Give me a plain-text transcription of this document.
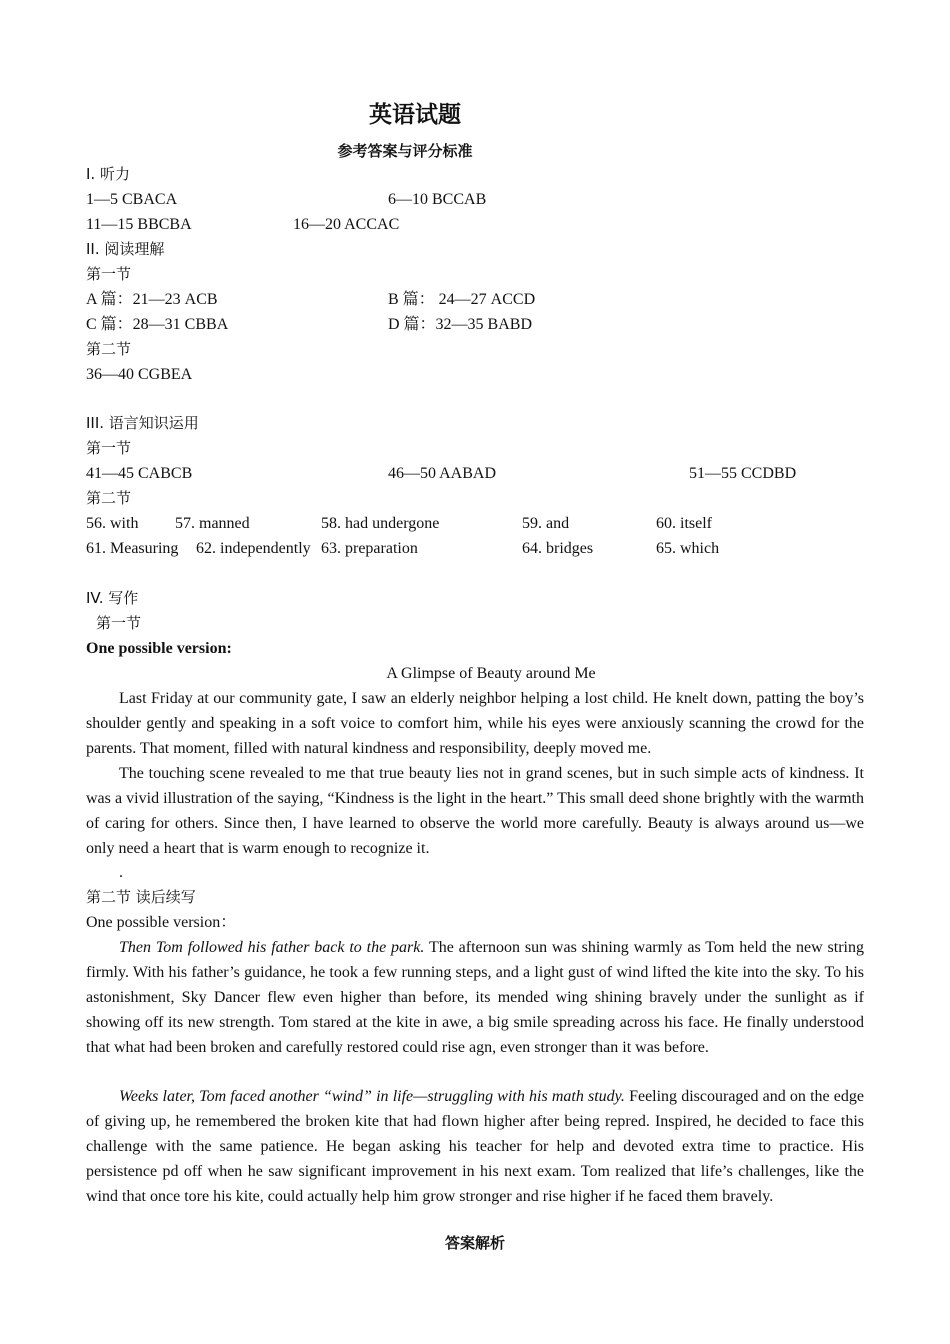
英语试题
参考答案与评分标准
I. 听力
1—5 CBACA	6—10 BCCAB
11—15 BBCBA	16—20 ACCAC
II. 阅读理解
第一节
A 篇：21—23 ACB	B 篇： 24—27 ACCD
C 篇：28—31 CBBA	D 篇：32—35 BABD
第二节
36—40 CGBEA
III. 语言知识运用
第一节
41—45 CABCB	46—50 AABAD	51—55 CCDBD
第二节
56. with 57. manned	58. had undergone	59. and	60. itself
61. Measuring 62. independently 63. preparation	64. bridges	65. which
IV. 写作
第一节
One possible version:
A Glimpse of Beauty around Me
Last Friday at our community gate, I saw an elderly neighbor helping a lost child. He knelt down, patting the boy’s shoulder gently and speaking in a soft voice to comfort him, while his eyes were anxiously scanning the crowd for the parents. That moment, filled with natural kindness and responsibility, deeply moved me.
The touching scene revealed to me that true beauty lies not in grand scenes, but in such simple acts of kindness. It was a vivid illustration of the saying, “Kindness is the light in the heart.” This small deed shone brightly with the warmth of caring for others. Since then, I have learned to observe the world more carefully. Beauty is always around us—we only need a heart that is warm enough to recognize it.
.
第二节 读后续写
One possible version：
Then Tom followed his father back to the park. The afternoon sun was shining warmly as Tom held the new string firmly. With his father’s guidance, he took a few running steps, and a light gust of wind lifted the kite into the sky. To his astonishment, Sky Dancer flew even higher than before, its mended wing shining bravely under the sunlight as if showing off its new strength. Tom stared at the kite in awe, a big smile spreading across his face. He finally understood that what had been broken and carefully restored could rise agn, even stronger than it was before.
Weeks later, Tom faced another “wind” in life—struggling with his math study. Feeling discouraged and on the edge of giving up, he remembered the broken kite that had flown higher after being repred. Inspired, he decided to face this challenge with the same patience. He began asking his teacher for help and devoted extra time to practice. His persistence pd off when he saw significant improvement in his next exam. Tom realized that life’s challenges, like the wind that once tore his kite, could actually help him grow stronger and rise higher if he faced them bravely.
答案解析
